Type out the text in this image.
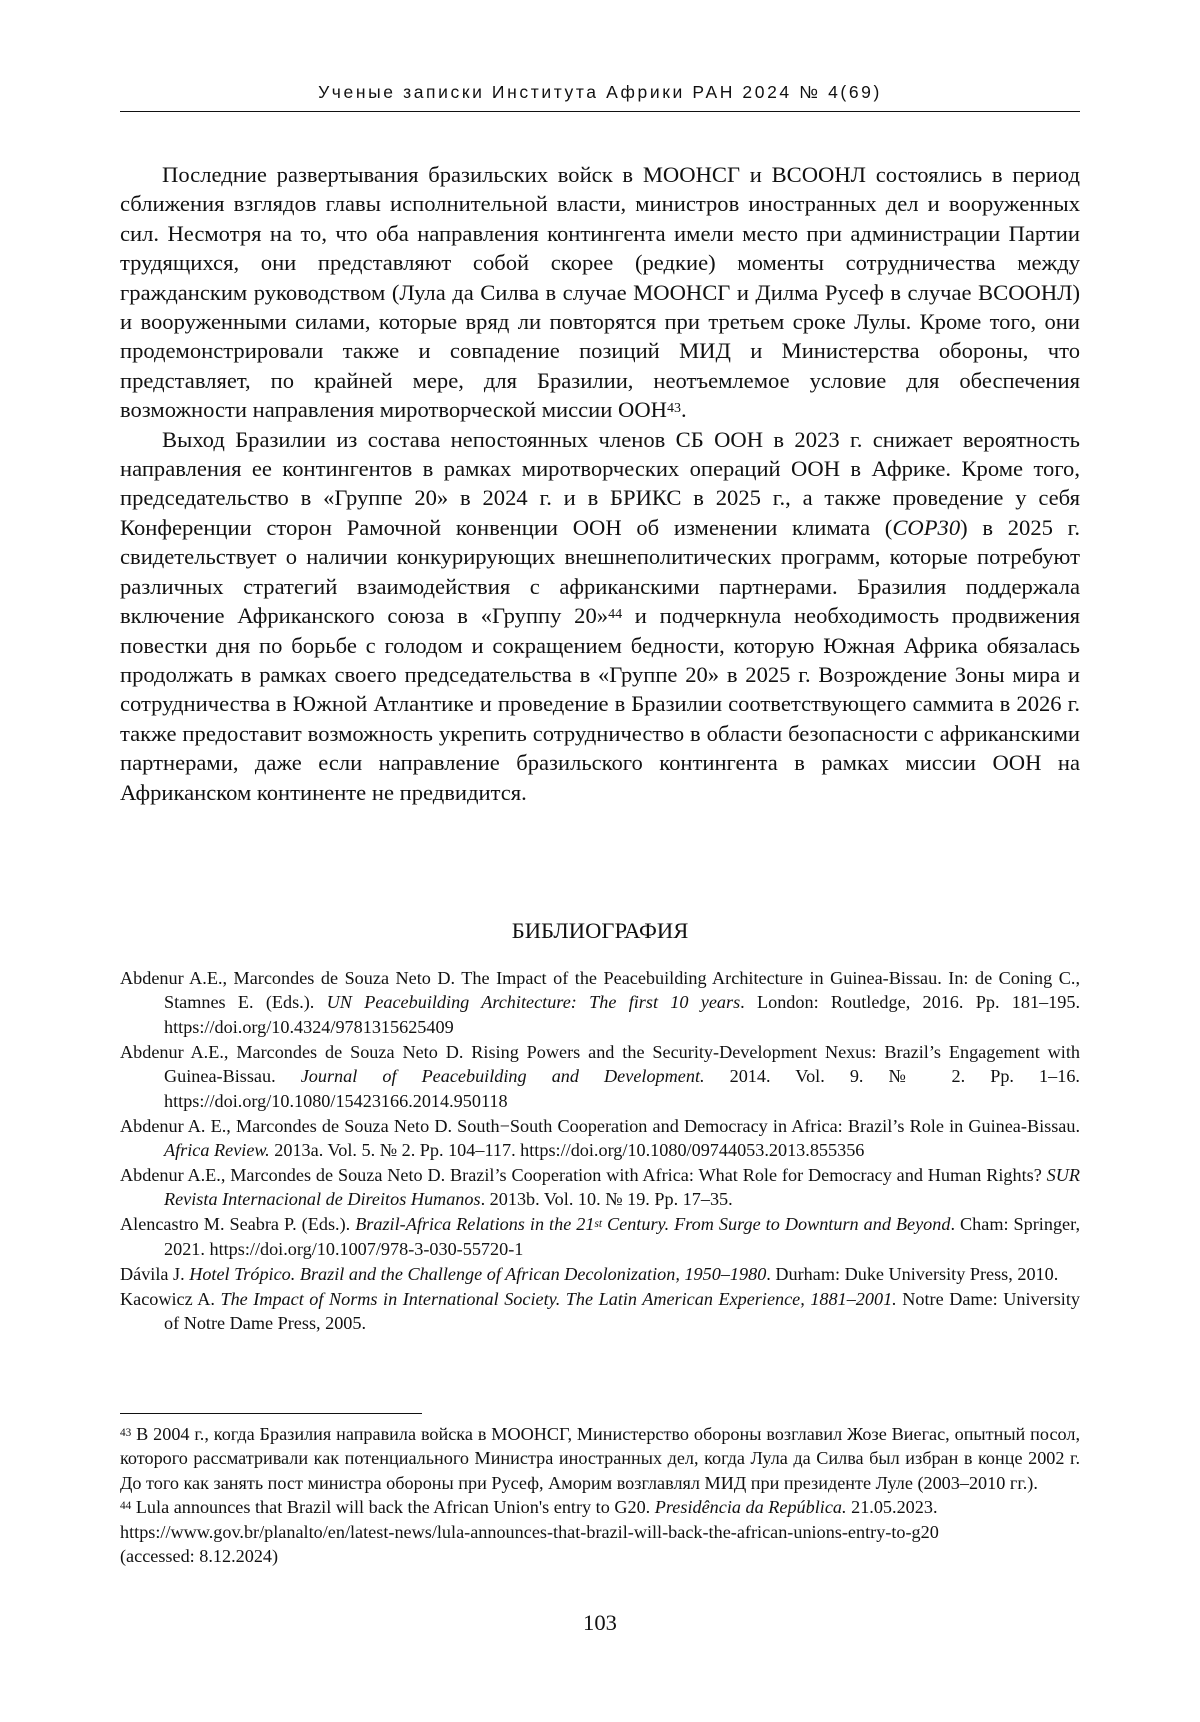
Ученые записки Института Африки РАН 2024 № 4(69)

Последние развертывания бразильских войск в МООНСГ и ВСООНЛ состоялись в период сближения взглядов главы исполнительной власти, министров иностранных дел и вооруженных сил. Несмотря на то, что оба направления контингента имели место при администрации Партии трудящихся, они представляют собой скорее (редкие) моменты сотрудничества между гражданским руководством (Лула да Силва в случае МООНСГ и Дилма Русеф в случае ВСООНЛ) и вооруженными силами, которые вряд ли повторятся при третьем сроке Лулы. Кроме того, они продемонстрировали также и совпадение позиций МИД и Министерства обороны, что представляет, по крайней мере, для Бразилии, неотъемлемое условие для обеспечения возможности направления миротворческой миссии ООН$^{43}$.

Выход Бразилии из состава непостоянных членов СБ ООН в 2023 г. снижает вероятность направления ее контингентов в рамках миротворческих операций ООН в Африке. Кроме того, председательство в «Группе 20» в 2024 г. и в БРИКС в 2025 г., а также проведение у себя Конференции сторон Рамочной конвенции ООН об изменении климата (COP30) в 2025 г. свидетельствует о наличии конкурирующих внешнеполитических программ, которые потребуют различных стратегий взаимодействия с африканскими партнерами. Бразилия поддержала включение Африканского союза в «Группу 20»$^{44}$ и подчеркнула необходимость продвижения повестки дня по борьбе с голодом и сокращением бедности, которую Южная Африка обязалась продолжать в рамках своего председательства в «Группе 20» в 2025 г. Возрождение Зоны мира и сотрудничества в Южной Атлантике и проведение в Бразилии соответствующего саммита в 2026 г. также предоставит возможность укрепить сотрудничество в области безопасности с африканскими партнерами, даже если направление бразильского контингента в рамках миссии ООН на Африканском континенте не предвидится.

БИБЛИОГРАФИЯ

Abdenur A.E., Marcondes de Souza Neto D. The Impact of the Peacebuilding Architecture in Guinea-Bissau. In: de Coning C., Stamnes E. (Eds.). UN Peacebuilding Architecture: The first 10 years. London: Routledge, 2016. Pp. 181–195. https://doi.org/10.4324/9781315625409

Abdenur A.E., Marcondes de Souza Neto D. Rising Powers and the Security-Development Nexus: Brazil’s Engagement with Guinea-Bissau. Journal of Peacebuilding and Development. 2014. Vol. 9. № 2. Pp. 1–16. https://doi.org/10.1080/15423166.2014.950118

Abdenur A. E., Marcondes de Souza Neto D. South−South Cooperation and Democracy in Africa: Brazil’s Role in Guinea-Bissau. Africa Review. 2013a. Vol. 5. № 2. Pp. 104–117. https://doi.org/10.1080/09744053.2013.855356

Abdenur A.E., Marcondes de Souza Neto D. Brazil’s Cooperation with Africa: What Role for Democracy and Human Rights? SUR Revista Internacional de Direitos Humanos. 2013b. Vol. 10. № 19. Pp. 17–35.

Alencastro M. Seabra P. (Eds.). Brazil-Africa Relations in the 21st Century. From Surge to Downturn and Beyond. Cham: Springer, 2021. https://doi.org/10.1007/978-3-030-55720-1

Dávila J. Hotel Trópico. Brazil and the Challenge of African Decolonization, 1950–1980. Durham: Duke University Press, 2010.

Kacowicz A. The Impact of Norms in International Society. The Latin American Experience, 1881–2001. Notre Dame: University of Notre Dame Press, 2005.

$^{43}$ В 2004 г., когда Бразилия направила войска в МООНСГ, Министерство обороны возглавил Жозе Виегас, опытный посол, которого рассматривали как потенциального Министра иностранных дел, когда Лула да Силва был избран в конце 2002 г. До того как занять пост министра обороны при Русеф, Аморим возглавлял МИД при президенте Луле (2003–2010 гг.).

$^{44}$ Lula announces that Brazil will back the African Union's entry to G20. Presidência da República. 21.05.2023.

https://www.gov.br/planalto/en/latest-news/lula-announces-that-brazil-will-back-the-african-unions-entry-to-g20

(accessed: 8.12.2024)

103
